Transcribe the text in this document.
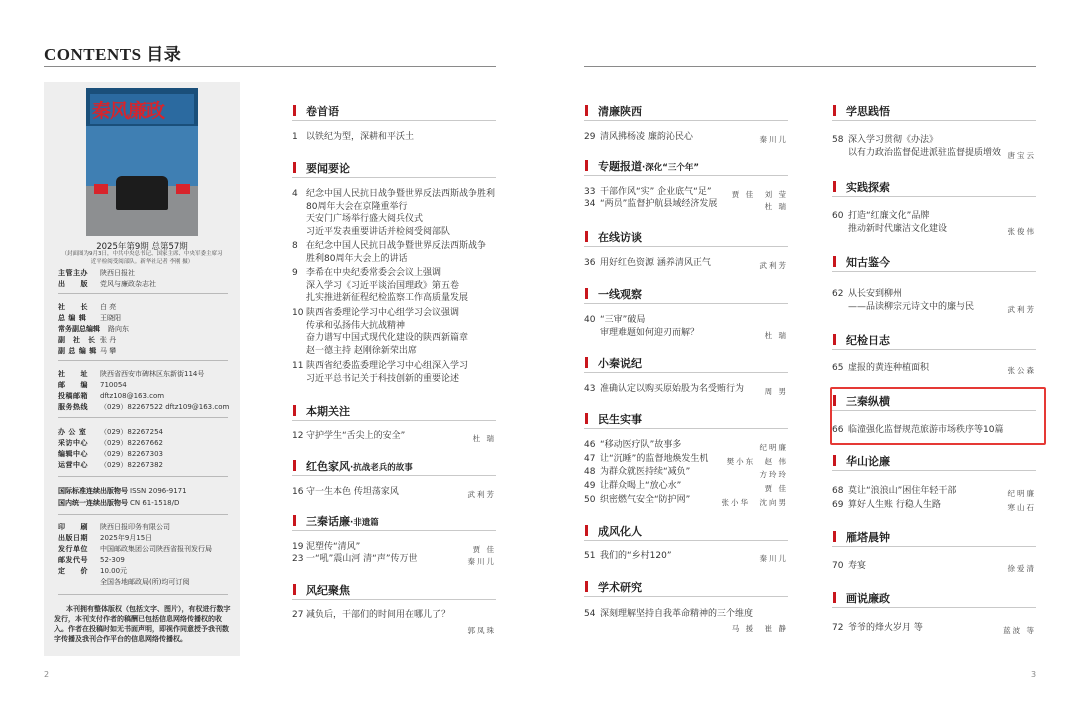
CONTENTS 目录
秦风廉政
2025年第9期 总第57期
（封面图为9月3日，中共中央总书记、国家主席、中央军委主席习近平检阅受阅部队。新华社记者 李刚 摄）
主管主办 陕西日报社
出　　版 党风与廉政杂志社
社　　长 白 亮
总 编 辑 王晓阳
常务副总编辑 路向东
副　社　长 张 丹
副 总 编 辑 马 攀
社　　址 陕西省西安市碑林区东新街114号
邮　　编 710054
投稿邮箱 dftz108@163.com
服务热线 （029）82267522 dftz109@163.com
办 公 室 （029）82267254
采访中心 （029）82267662
编辑中心 （029）82267303
运营中心 （029）82267382
国际标准连续出版物号 ISSN 2096-9171
国内统一连续出版物号 CN 61-1518/D
印　　刷 陕西日报印务有限公司
出版日期 2025年9月15日
发行单位 中国邮政集团公司陕西省报刊发行局
邮发代号 52-309
定　　价 10.00元
全国各地邮政局(所)均可订阅
本刊拥有整体版权（包括文字、图片），有权进行数字发行，本刊支付作者的稿酬已包括信息网络传播权的收入。作者在投稿时如无书面声明，即视作同意授予我刊数字传播及我刊合作平台的信息网络传播权。
2	3
卷首语
1 以铁纪为型，深耕和平沃土
要闻要论
4 纪念中国人民抗日战争暨世界反法西斯战争胜利
80周年大会在京隆重举行
天安门广场举行盛大阅兵仪式
习近平发表重要讲话并检阅受阅部队
8 在纪念中国人民抗日战争暨世界反法西斯战争
胜利80周年大会上的讲话
9 李希在中央纪委常委会会议上强调
深入学习《习近平谈治国理政》第五卷
扎实推进新征程纪检监察工作高质量发展
10 陕西省委理论学习中心组学习会议强调
传承和弘扬伟大抗战精神
奋力谱写中国式现代化建设的陕西新篇章
赵一德主持 赵刚徐新荣出席
11 陕西省纪委监委理论学习中心组深入学习
习近平总书记关于科技创新的重要论述
本期关注
12 守护学生“舌尖上的安全”	杜 瑞
红色家风·抗战老兵的故事
16 守一生本色 传坦荡家风	武利芳
三秦话廉·非遗篇
19 泥塑传“清风”	贾 佳
23 一“吼”震山河 清“声”传万世	秦川儿
风纪聚焦
27 减负后，干部们的时间用在哪儿了？
郭凤珠
清廉陕西
29 清风拂杨凌 廉韵沁民心	秦川儿
专题报道·深化“三个年”
33 干部作风“实” 企业底气“足”	贾 佳　刘 莹
34 “两员”监督护航县域经济发展	杜 瑞
在线访谈
36 用好红色资源 涵养清风正气	武利芳
一线观察
40 “三审”破局
审理难题如何迎刃而解？	杜 瑞
小秦说纪
43 准确认定以购买原始股为名受贿行为	周 男
民生实事
46 “移动医疗队”故事多	纪明廉
47 让“沉睡”的监督地焕发生机	樊小东　赵 伟
48 为群众就医持续“减负”	方玲玲
49 让群众喝上“放心水”	贾 佳
50 织密燃气安全“防护网”	张小华　沈向男
成风化人
51 我们的“乡村120”	秦川儿
学术研究
54 深刻理解坚持自我革命精神的三个维度
马 援　崔 静
学思践悟
58 深入学习贯彻《办法》
以有力政治监督促进派驻监督提质增效 唐宝云
实践探索
60 打造“红廉文化”品牌
推动新时代廉洁文化建设	张俊伟
知古鉴今
62 从长安到柳州
——品读柳宗元诗文中的廉与民	武利芳
纪检日志
65 虚报的黄连种植面积	张公森
三秦纵横
66 临潼强化监督规范旅游市场秩序等10篇
华山论廉
68 莫让“浪浪山”困住年轻干部	纪明廉
69 算好人生账 行稳人生路	寒山石
雁塔晨钟
70 寿宴	徐爱清
画说廉政
72 爷爷的烽火岁月 等	蓝波 等
